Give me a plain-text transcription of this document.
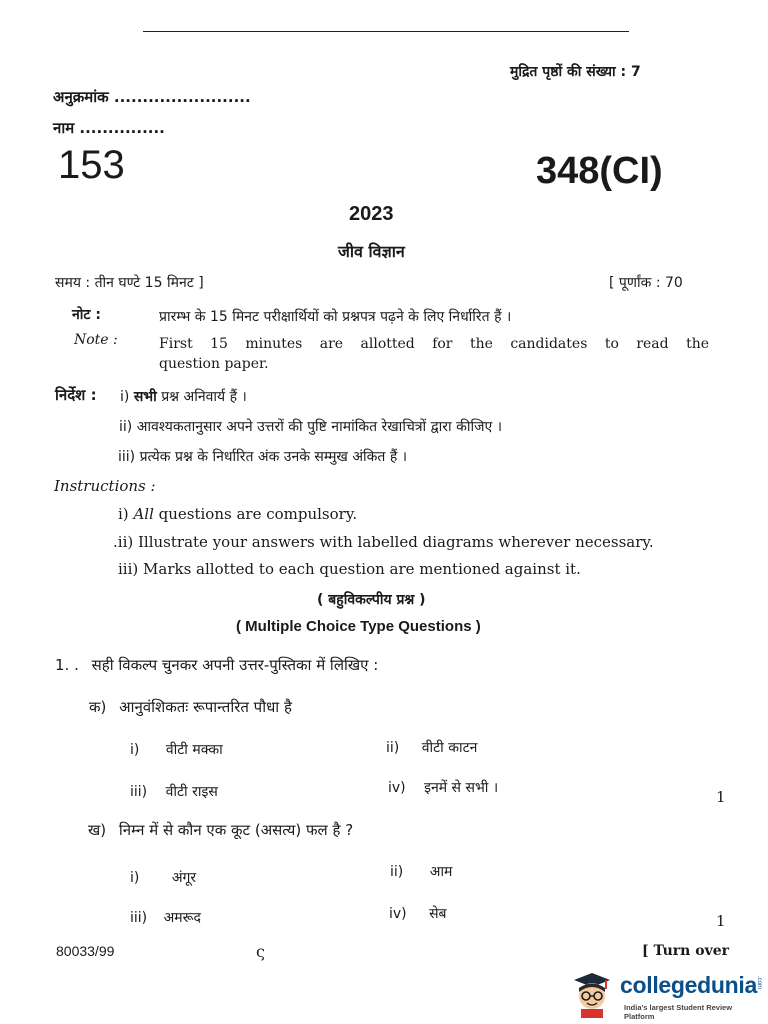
मुद्रित पृष्ठों की संख्या : 7
अनुक्रमांक ........................
नाम ...............
153	348(CI)
2023
जीव विज्ञान
समय : तीन घण्टे 15 मिनट ]	[ पूर्णांक : 70
नोट :	प्रारम्भ के 15 मिनट परीक्षार्थियों को प्रश्नपत्र पढ़ने के लिए निर्धारित हैं ।
Note :	First 15 minutes are allotted for the candidates to read the
question paper.
निर्देश : i) सभी प्रश्न अनिवार्य हैं ।
ii) आवश्यकतानुसार अपने उत्तरों की पुष्टि नामांकित रेखाचित्रों द्वारा कीजिए ।
iii) प्रत्येक प्रश्न के निर्धारित अंक उनके सम्मुख अंकित हैं ।
Instructions :
i) All questions are compulsory.
.ii) Illustrate your answers with labelled diagrams wherever necessary.
iii) Marks allotted to each question are mentioned against it.
( बहुविकल्पीय प्रश्न )
( Multiple Choice Type Questions )
1. . सही विकल्प चुनकर अपनी उत्तर-पुस्तिका में लिखिए :
क) आनुवंशिकतः रूपान्तरित पौधा है
i) वीटी मक्का	ii) वीटी काटन
iii) वीटी राइस	iv) इनमें से सभी ।	1
ख) निम्न में से कौन एक कूट (असत्य) फल है ?
i) अंगूर	ii) आम
iii) अमरूद	iv) सेब	1
80033/99	ς	[ Turn over
collegedunia .com
India's largest Student Review Platform
